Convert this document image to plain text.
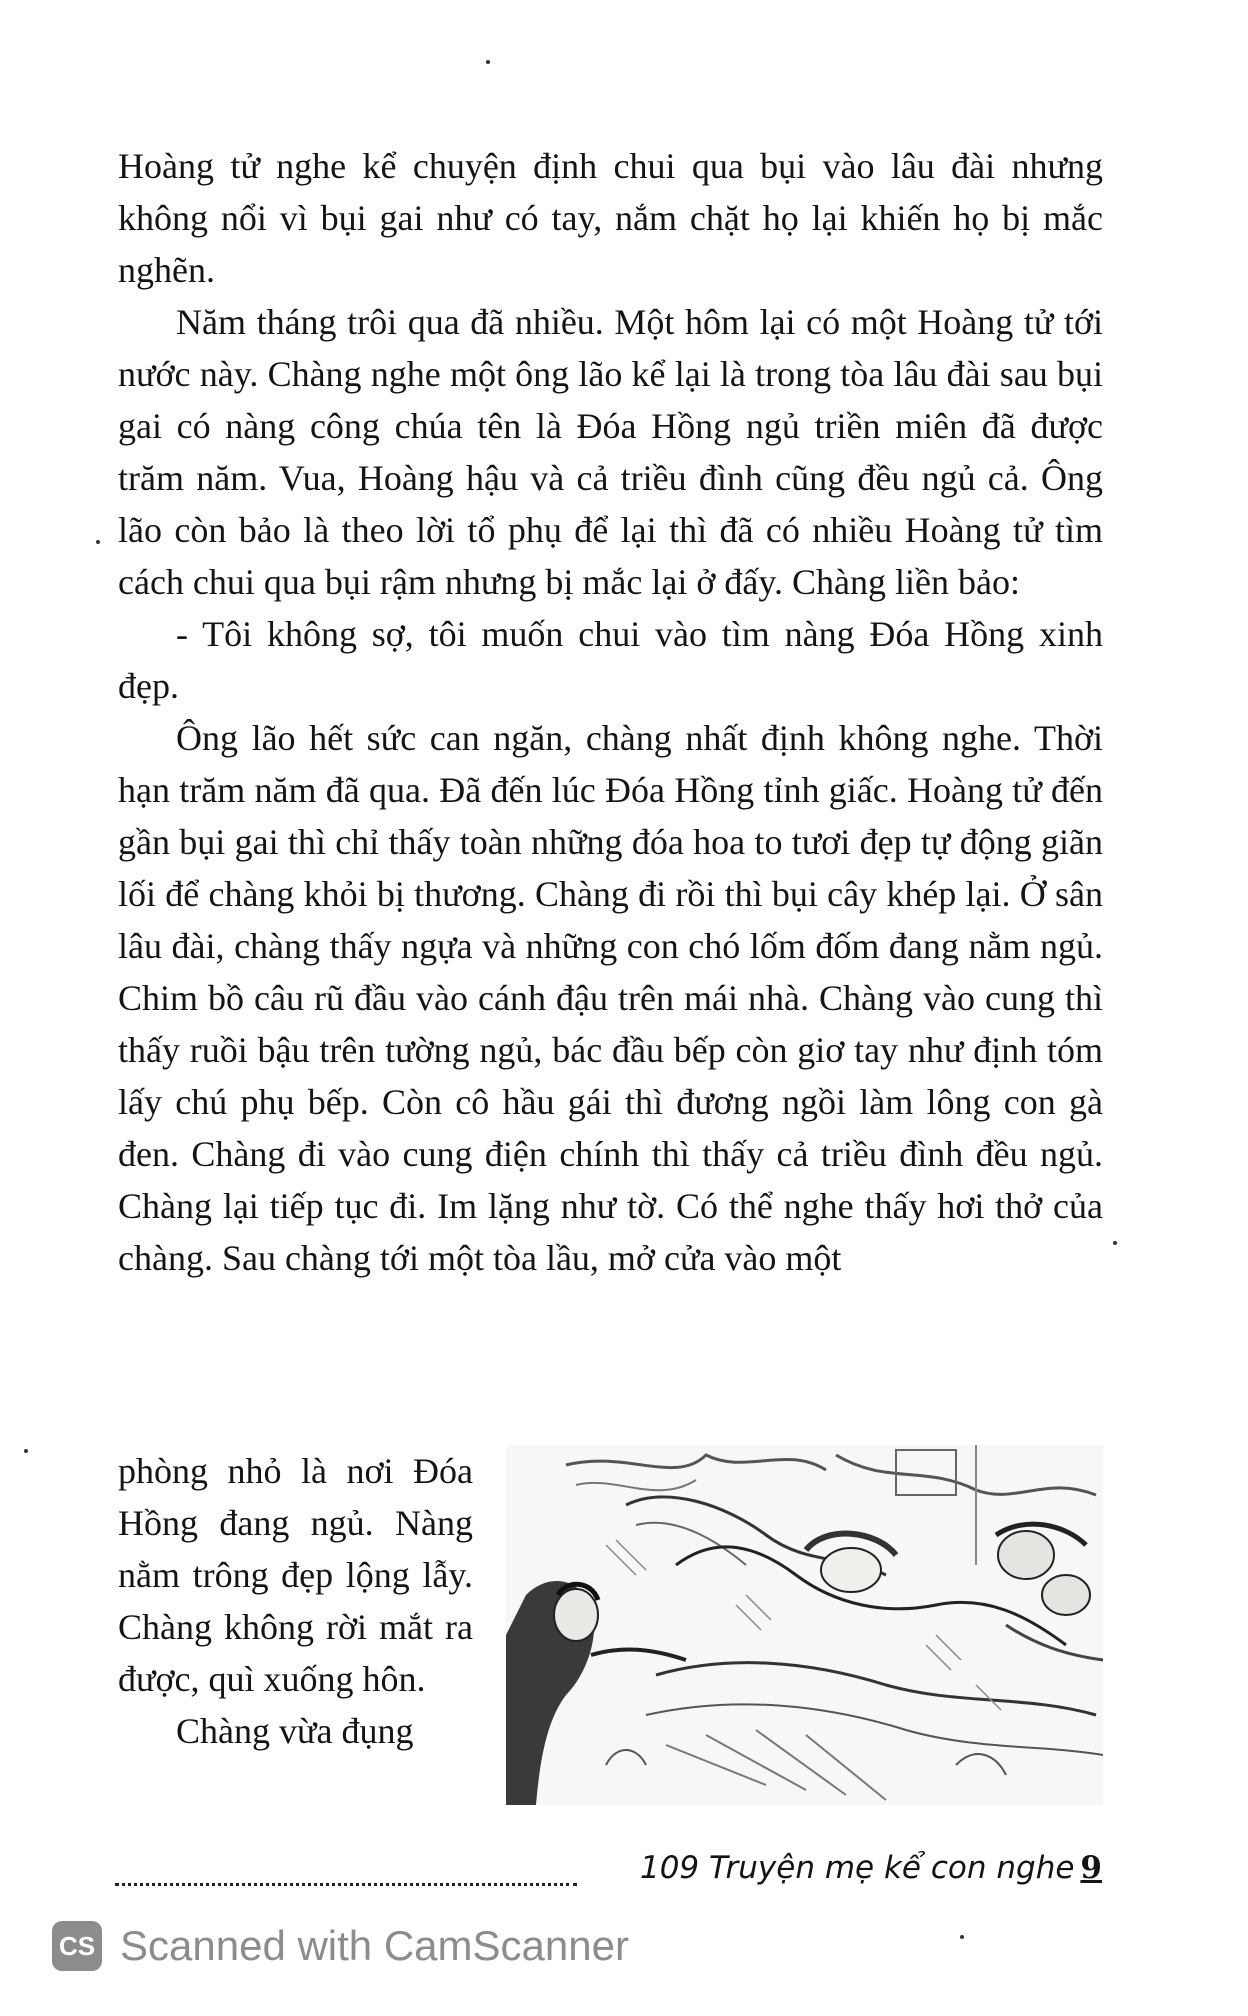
Hoàng tử nghe kể chuyện định chui qua bụi vào lâu đài nhưng không nổi vì bụi gai như có tay, nắm chặt họ lại khiến họ bị mắc nghẽn.

Năm tháng trôi qua đã nhiều. Một hôm lại có một Hoàng tử tới nước này. Chàng nghe một ông lão kể lại là trong tòa lâu đài sau bụi gai có nàng công chúa tên là Đóa Hồng ngủ triền miên đã được trăm năm. Vua, Hoàng hậu và cả triều đình cũng đều ngủ cả. Ông lão còn bảo là theo lời tổ phụ để lại thì đã có nhiều Hoàng tử tìm cách chui qua bụi rậm nhưng bị mắc lại ở đấy. Chàng liền bảo:

- Tôi không sợ, tôi muốn chui vào tìm nàng Đóa Hồng xinh đẹp.

Ông lão hết sức can ngăn, chàng nhất định không nghe. Thời hạn trăm năm đã qua. Đã đến lúc Đóa Hồng tỉnh giấc. Hoàng tử đến gần bụi gai thì chỉ thấy toàn những đóa hoa to tươi đẹp tự động giãn lối để chàng khỏi bị thương. Chàng đi rồi thì bụi cây khép lại. Ở sân lâu đài, chàng thấy ngựa và những con chó lốm đốm đang nằm ngủ. Chim bồ câu rũ đầu vào cánh đậu trên mái nhà. Chàng vào cung thì thấy ruồi bậu trên tường ngủ, bác đầu bếp còn giơ tay như định tóm lấy chú phụ bếp. Còn cô hầu gái thì đương ngồi làm lông con gà đen. Chàng đi vào cung điện chính thì thấy cả triều đình đều ngủ. Chàng lại tiếp tục đi. Im lặng như tờ. Có thể nghe thấy hơi thở của chàng. Sau chàng tới một tòa lầu, mở cửa vào một

phòng nhỏ là nơi Đóa Hồng đang ngủ. Nàng nằm trông đẹp lộng lẫy. Chàng không rời mắt ra được, quì xuống hôn.

Chàng vừa đụng

109 Truyện mẹ kể con nghe 9
CS Scanned with CamScanner
